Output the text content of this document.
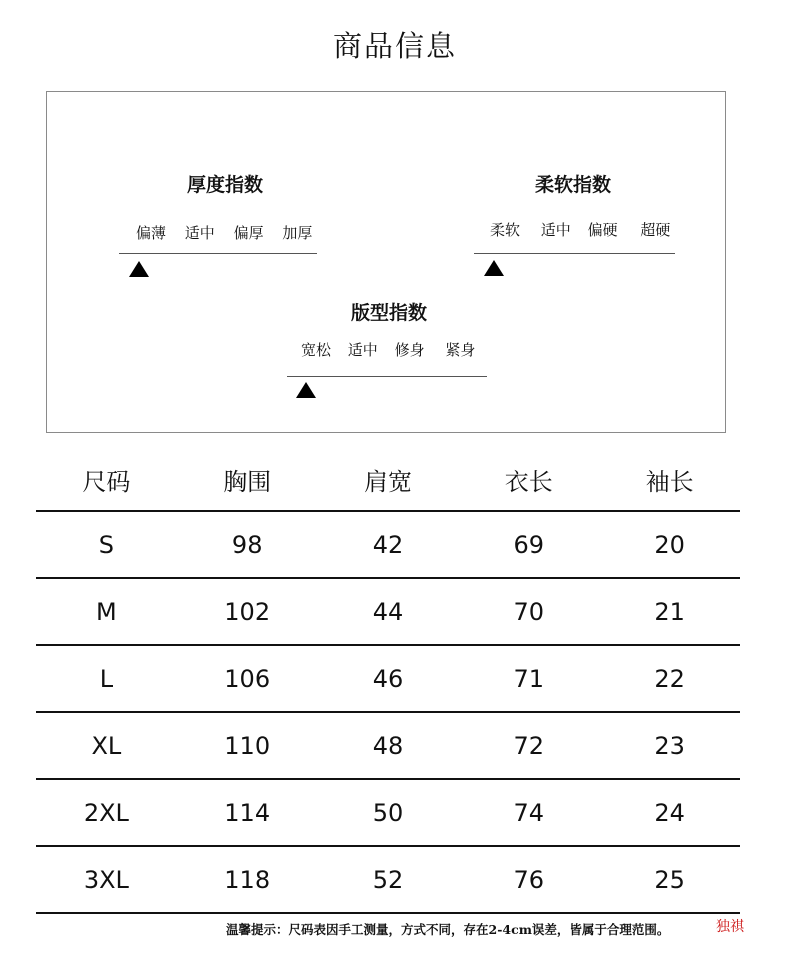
商品信息
厚度指数
偏薄 适中 偏厚 加厚
柔软指数
柔软 适中 偏硬 超硬
版型指数
宽松 适中 修身 紧身
尺码	胸围	肩宽	衣长	袖长
S	98	42	69	20
M	102	44	70	21
L	106	46	71	22
XL	110	48	72	23
2XL	114	50	74	24
3XL	118	52	76	25
温馨提示：尺码表因手工测量，方式不同，存在2-4cm误差，皆属于合理范围。	独祺
